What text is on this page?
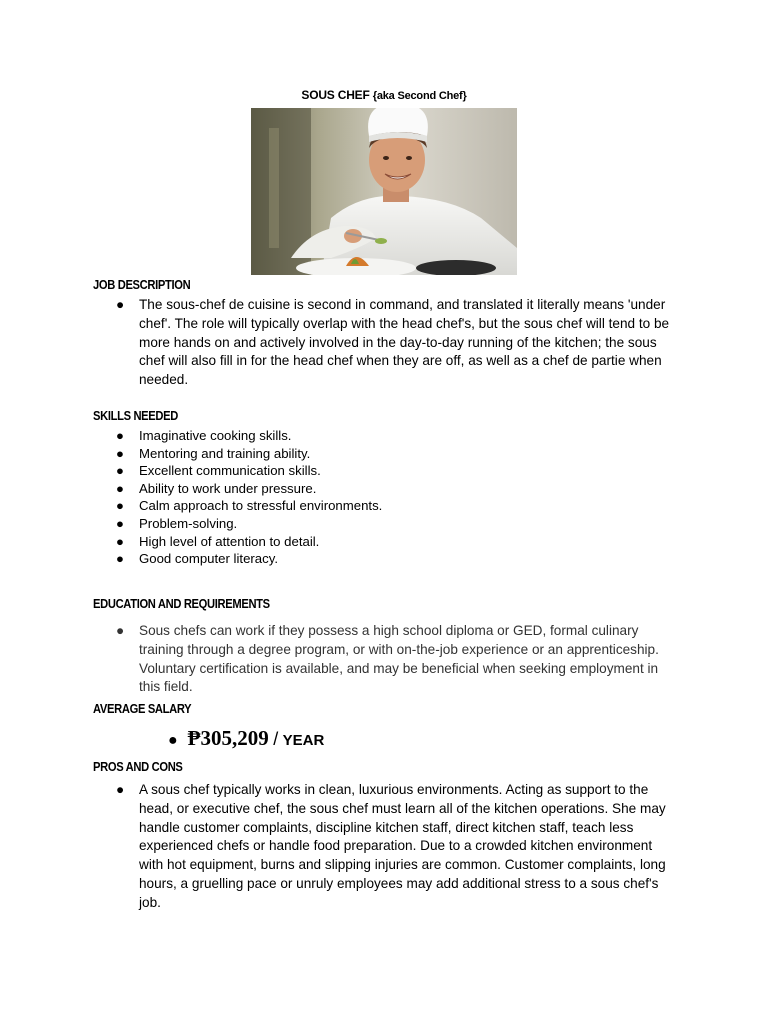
SOUS CHEF {aka Second Chef}
JOB DESCRIPTION
● The sous-chef de cuisine is second in command, and translated it literally means 'under chef'. The role will typically overlap with the head chef's, but the sous chef will tend to be more hands on and actively involved in the day-to-day running of the kitchen; the sous chef will also fill in for the head chef when they are off, as well as a chef de partie when needed.
SKILLS NEEDED
● Imaginative cooking skills.
● Mentoring and training ability.
● Excellent communication skills.
● Ability to work under pressure.
● Calm approach to stressful environments.
● Problem-solving.
● High level of attention to detail.
● Good computer literacy.
EDUCATION AND REQUIREMENTS
● Sous chefs can work if they possess a high school diploma or GED, formal culinary training through a degree program, or with on-the-job experience or an apprenticeship. Voluntary certification is available, and may be beneficial when seeking employment in this field.
AVERAGE SALARY
● ₱305,209 / YEAR
PROS AND CONS
● A sous chef typically works in clean, luxurious environments. Acting as support to the head, or executive chef, the sous chef must learn all of the kitchen operations. She may handle customer complaints, discipline kitchen staff, direct kitchen staff, teach less experienced chefs or handle food preparation. Due to a crowded kitchen environment with hot equipment, burns and slipping injuries are common. Customer complaints, long hours, a gruelling pace or unruly employees may add additional stress to a sous chef's job.
